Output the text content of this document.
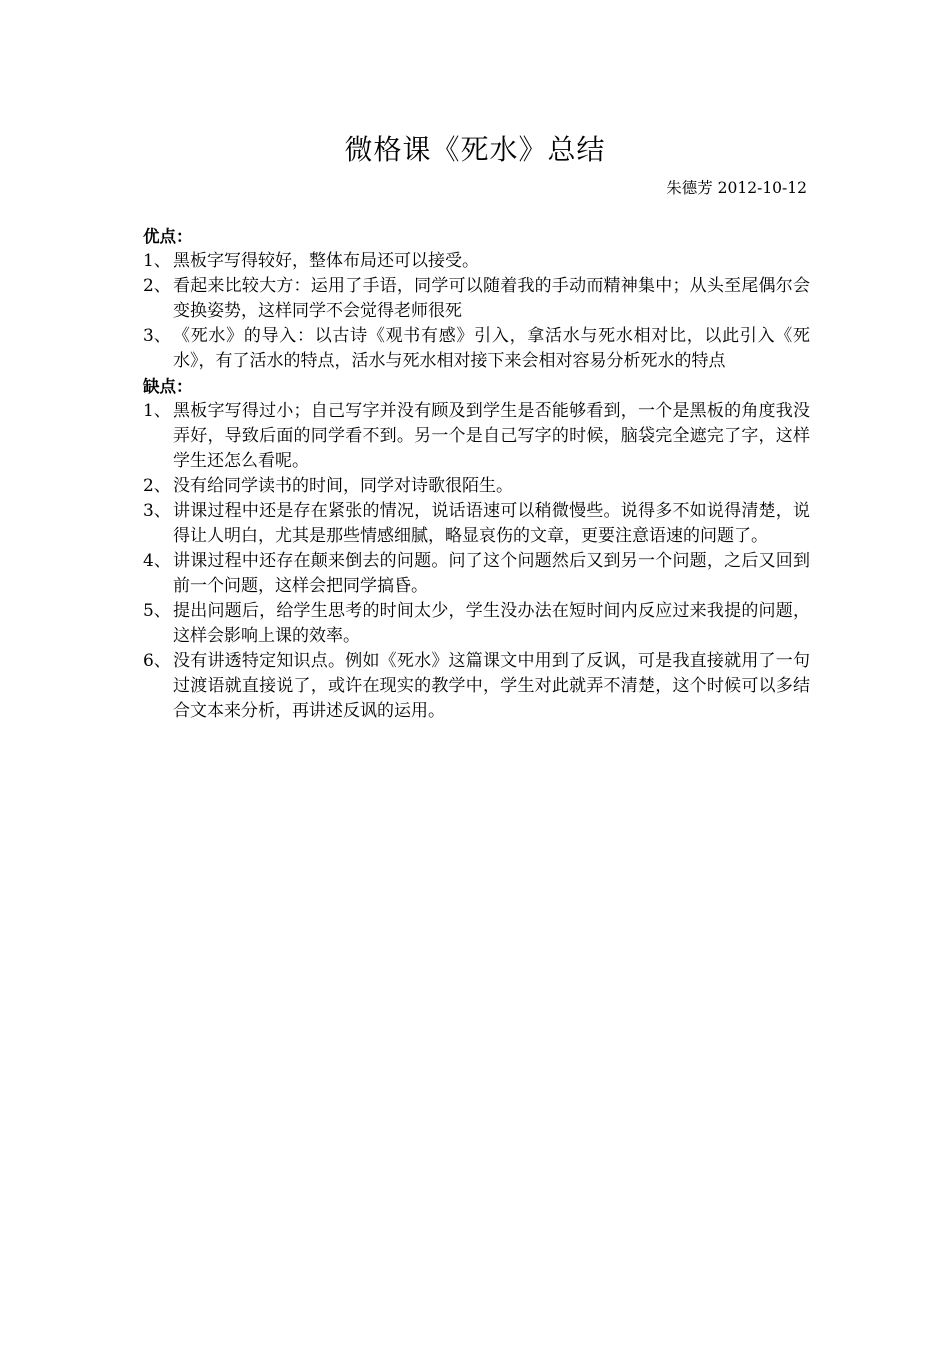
微格课《死水》总结
朱德芳 2012-10-12
优点：
1、 黑板字写得较好，整体布局还可以接受。
2、 看起来比较大方：运用了手语，同学可以随着我的手动而精神集中；从头至尾偶尔会变换姿势，这样同学不会觉得老师很死
3、 《死水》的导入：以古诗《观书有感》引入，拿活水与死水相对比，以此引入《死水》，有了活水的特点，活水与死水相对接下来会相对容易分析死水的特点
缺点：
1、 黑板字写得过小；自己写字并没有顾及到学生是否能够看到，一个是黑板的角度我没弄好，导致后面的同学看不到。另一个是自己写字的时候，脑袋完全遮完了字，这样学生还怎么看呢。
2、 没有给同学读书的时间，同学对诗歌很陌生。
3、 讲课过程中还是存在紧张的情况，说话语速可以稍微慢些。说得多不如说得清楚，说得让人明白，尤其是那些情感细腻，略显哀伤的文章，更要注意语速的问题了。
4、 讲课过程中还存在颠来倒去的问题。问了这个问题然后又到另一个问题，之后又回到前一个问题，这样会把同学搞昏。
5、 提出问题后，给学生思考的时间太少，学生没办法在短时间内反应过来我提的问题，这样会影响上课的效率。
6、 没有讲透特定知识点。例如《死水》这篇课文中用到了反讽，可是我直接就用了一句过渡语就直接说了，或许在现实的教学中，学生对此就弄不清楚，这个时候可以多结合文本来分析，再讲述反讽的运用。
